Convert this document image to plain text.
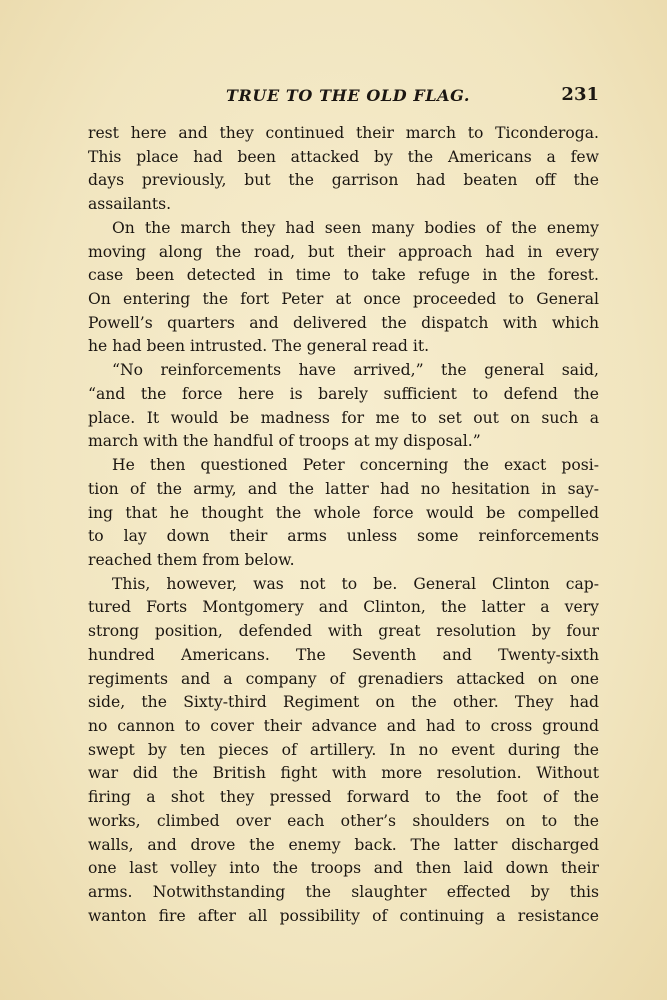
TRUE TO THE OLD FLAG.	231
rest here and they continued their march to Ticonderoga.
This place had been attacked by the Americans a few
days previously, but the garrison had beaten off the
assailants.
On the march they had seen many bodies of the enemy
moving along the road, but their approach had in every
case been detected in time to take refuge in the forest.
On entering the fort Peter at once proceeded to General
Powell’s quarters and delivered the dispatch with which
he had been intrusted. The general read it.
“No reinforcements have arrived,” the general said,
“and the force here is barely sufficient to defend the
place. It would be madness for me to set out on such a
march with the handful of troops at my disposal.”
He then questioned Peter concerning the exact posi-
tion of the army, and the latter had no hesitation in say-
ing that he thought the whole force would be compelled
to lay down their arms unless some reinforcements
reached them from below.
This, however, was not to be. General Clinton cap-
tured Forts Montgomery and Clinton, the latter a very
strong position, defended with great resolution by four
hundred Americans. The Seventh and Twenty-sixth
regiments and a company of grenadiers attacked on one
side, the Sixty-third Regiment on the other. They had
no cannon to cover their advance and had to cross ground
swept by ten pieces of artillery. In no event during the
war did the British fight with more resolution. Without
firing a shot they pressed forward to the foot of the
works, climbed over each other’s shoulders on to the
walls, and drove the enemy back. The latter discharged
one last volley into the troops and then laid down their
arms. Notwithstanding the slaughter effected by this
wanton fire after all possibility of continuing a resistance
